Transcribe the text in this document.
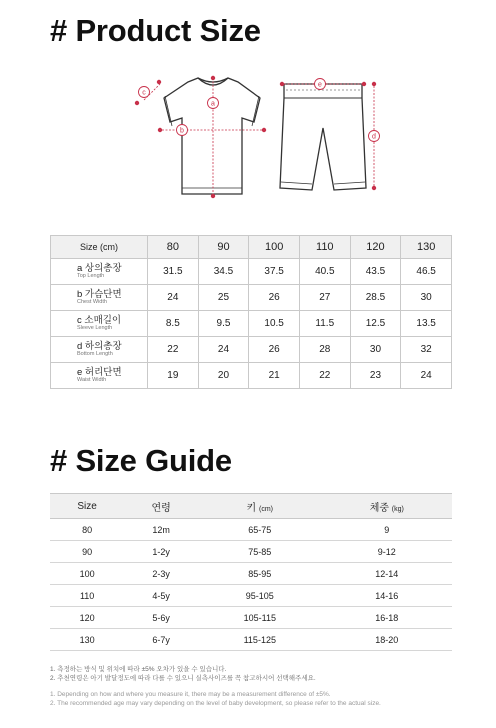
# Product Size
a
b
c
e
d
Size (cm)	80	90	100	110	120	130

a 상의총장
Top Length	31.5	34.5	37.5	40.5	43.5	46.5

b 가슴단면
Chest Width	24	25	26	27	28.5	30

c 소매길이
Sleeve Length	8.5	9.5	10.5	11.5	12.5	13.5

d 하의총장
Bottom Length	22	24	26	28	30	32

e 허리단면
Waist Width	19	20	21	22	23	24
# Size Guide
Size	연령	키 (cm)	체중 (kg)
80	12m	65-75	9
90	1-2y	75-85	9-12
100	2-3y	85-95	12-14
110	4-5y	95-105	14-16
120	5-6y	105-115	16-18
130	6-7y	115-125	18-20

1. 측정하는 방식 및 위치에 따라 ±5% 오차가 있을 수 있습니다.

2. 추천연령은 아기 발달정도에 따라 다를 수 있으니 실측사이즈를 꼭 참고하시어 선택해주세요.

1. Depending on how and where you measure it, there may be a measurement difference of ±5%.

2. The recommended age may vary depending on the level of baby development, so please refer to the actual size.
